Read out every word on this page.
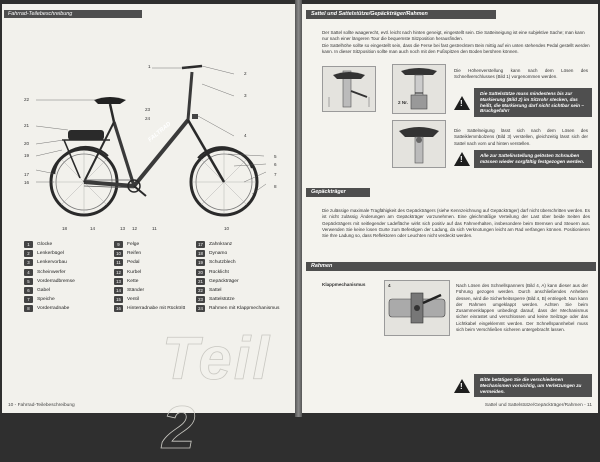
Fahrrad-Teilebeschreibung
FALTRAD
1
2
3
4
5
6
7
8
22
23
24
21
20
19
17
16
18	14	13 12	11	10
1	Glocke
2	Lenkerbügel
3	Lenkervorbau
4	Scheinwerfer
5	Vorderradbremse
6	Gabel
7	Speiche
8	Vorderradnabe
9	Felge
10	Reifen
11	Pedal
12	Kurbel
13	Kette
14	Ständer
15	Ventil
16	Hinterradnabe mit Rücktritt
17	Zahnkranz
18	Dynamo
19	Schutzblech
20	Rücklicht
21	Gepäckträger
22	Sattel
23	Sattelstütze
24	Rahmen mit Klappmechanismus
Teil 2
10 - Fahrrad-Teilebeschreibung
Sattel und Sattelstütze/Gepäckträger/Rahmen
Der Sattel sollte waagerecht, evtl. leicht nach hinten geneigt, eingestellt sein. Die Satteineigung ist eine subjektive Sache; man kann nur nach einer längeren Tour die bequemste Sitzposition herausfinden.
Die Sattelhöhe sollte so eingestellt sein, dass die Ferse bei fast gestrecktem Bein mittig auf ein unten stehendes Pedal gestellt werden kann. In dieser Sitzposition sollte man auch noch mit den Fußspitzen den Boden berühren können.
2 Nr.
Die Höhenverstellung kann nach dem Lösen des Schnellverschlusses (Bild 1) vorgenommen werden.
!
Die Sattelstütze muss mindestens bis zur Markierung (Bild 2) im Sitzrohr stecken, das heißt, die Markierung darf nicht sichtbar sein – Bruchgefahr!
Die Sattelneigung lässt sich nach dem Lösen des Satteiklemmbolzens (Bild 3) verstellen, gleichzeitig lässt sich der Sattel nach vorn und hinten verstellen.
!	Alle zur Sattelinstellung gelösten Schrauben müssen wieder sorgfältig festgezogen werden.
Gepäckträger
Die zulässige maximale Tragfähigkeit des Gepäckträgers (siehe Kennzeichnung auf Gepäckträger) darf nicht überschritten werden. Es ist nicht zulässig Änderungen am Gepäckträger vorzunehmen. Eine gleichmäßige Verteilung der Last über beide Seiten des Gepäckträgers mit seitlegender Ladefläche wirkt sich positiv auf das Fahrverhalten, insbesondere beim Bremsen und Steuern aus. Verwenden Sie keine losen Gurte zum Befestigen der Ladung, da sich Verknotungen leicht am Rad verfangen können. Positionieren Sie Ihre Ladung so, dass Reflektoren oder Leuchten nicht verdeckt werden.
Rahmen
Klappmechanismus	4	Nach Lösen des Schnellspanners (Bild 4, A) kann dieser aus der Führung gezogen werden. Durch anschließendes Anheben dessen, wird die Sicherheitssperre (Bild 4, B) entriegelt. Nun kann der Rahmen umgeklappt werden. Achten Sie beim Zusammenklappen unbedingt darauf, dass der Mechanismus sicher einrastet und verschlossen und keine Seilzüge oder das Lichtkabel eingeklemmt werden. Der Schnellspannhebel muss sich beim Verschließen sicheren untergebracht lassen.
!
Bitte betätigen Sie die verschiedenen Mechanismen vorsichtig, um Verletzungen zu vermeiden.
Sattel und Sattelstütze/Gepäckträger/Rahmen - 11
